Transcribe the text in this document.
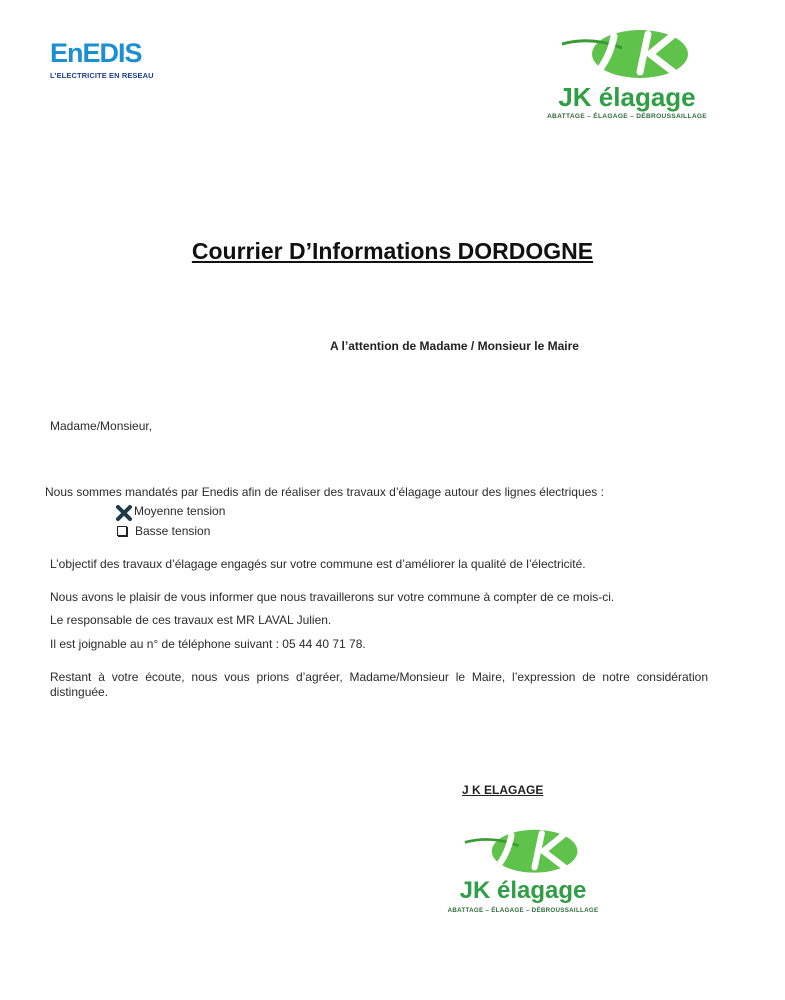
EnEDIS
L'ELECTRICITE EN RESEAU
JK élagage
ABATTAGE – ÉLAGAGE – DÉBROUSSAILLAGE
Courrier D’Informations DORDOGNE
A l’attention de Madame / Monsieur le Maire
Madame/Monsieur,
Nous sommes mandatés par Enedis afin de réaliser des travaux d’élagage autour des lignes électriques :
Moyenne tension
Basse tension
L’objectif des travaux d’élagage engagés sur votre commune est d’améliorer la qualité de l’électricité.
Nous avons le plaisir de vous informer que nous travaillerons sur votre commune à compter de ce mois-ci.
Le responsable de ces travaux est MR LAVAL Julien.
Il est joignable au n° de téléphone suivant : 05 44 40 71 78.
Restant à votre écoute, nous vous prions d’agréer, Madame/Monsieur le Maire, l’expression de notre considération distinguée.
J K ELAGAGE
JK élagage
ABATTAGE – ÉLAGAGE – DÉBROUSSAILLAGE
